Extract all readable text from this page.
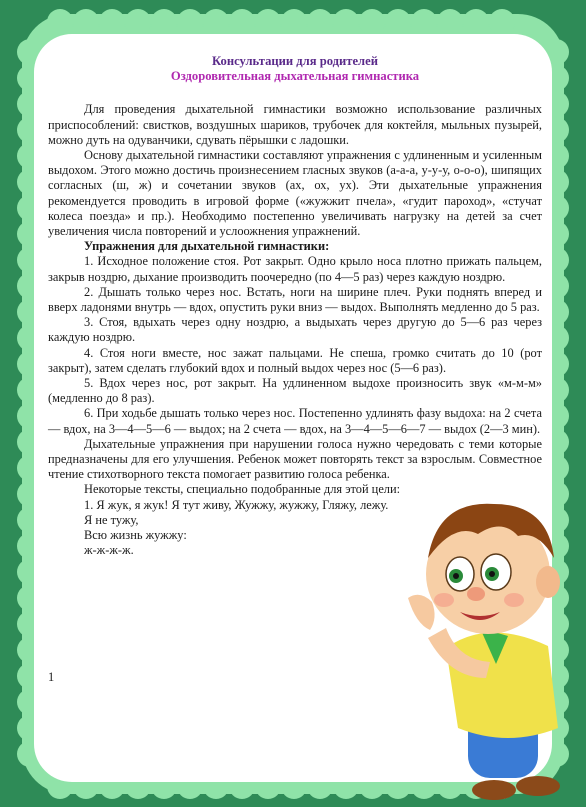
Консультации для родителей
Оздоровительная дыхательная гимнастика

Для проведения дыхательной гимнастики возможно использование различных приспособлений: свистков, воздушных шариков, трубочек для коктейля, мыльных пузырей, можно дуть на одуванчики, сдувать пёрышки с ладошки.

Основу дыхательной гимнастики составляют упражнения с удлиненным и усиленным выдохом. Этого можно достичь произнесением гласных звуков (а-а-а, у-у-у, о-о-о), шипящих согласных (ш, ж) и сочетании звуков (ах, ох, ух). Эти дыхательные упражнения рекомендуется проводить в игровой форме («жужжит пчела», «гудит пароход», «стучат колеса поезда» и пр.). Необходимо постепенно увеличивать нагрузку на детей за счет увеличения числа повторений и услоожнения упражнений.

Упражнения для дыхательной гимнастики:

1. Исходное положение стоя. Рот закрыт. Одно крыло носа плотно прижать пальцем, закрыв ноздрю, дыхание производить поочередно (по 4—5 раз) через каждую ноздрю.

2. Дышать только через нос. Встать, ноги на ширине плеч. Руки поднять вперед и вверх ладонями внутрь — вдох, опустить руки вниз — выдох. Выполнять медленно до 5 раз.

3. Стоя, вдыхать через одну ноздрю, а выдыхать через другую до 5—6 раз через каждую ноздрю.

4. Стоя ноги вместе, нос зажат пальцами. Не спеша, громко считать до 10 (рот закрыт), затем сделать глубокий вдох и полный выдох через нос (5—6 раз).

5. Вдох через нос, рот закрыт. На удлиненном выдохе произносить звук «м-м-м» (медленно до 8 раз).

6. При ходьбе дышать только через нос. Постепенно удлинять фазу выдоха: на 2 счета — вдох, на 3—4—5—6 — выдох; на 2 счета — вдох, на 3—4—5—6—7 — выдох (2—3 мин).

Дыхательные упражнения при нарушении голоса нужно чередовать с теми которые предназначены для его улучшения. Ребенок может повторять текст за взрослым. Совместное чтение стихотворного текста помогает развитию голоса ребенка.

Некоторые тексты, специально подобранные для этой цели:

1. Я жук, я жук! Я тут живу, Жужжу, жужжу, Гляжу, лежу.

Я не тужу,

Всю жизнь жужжу:

ж-ж-ж-ж.

1
